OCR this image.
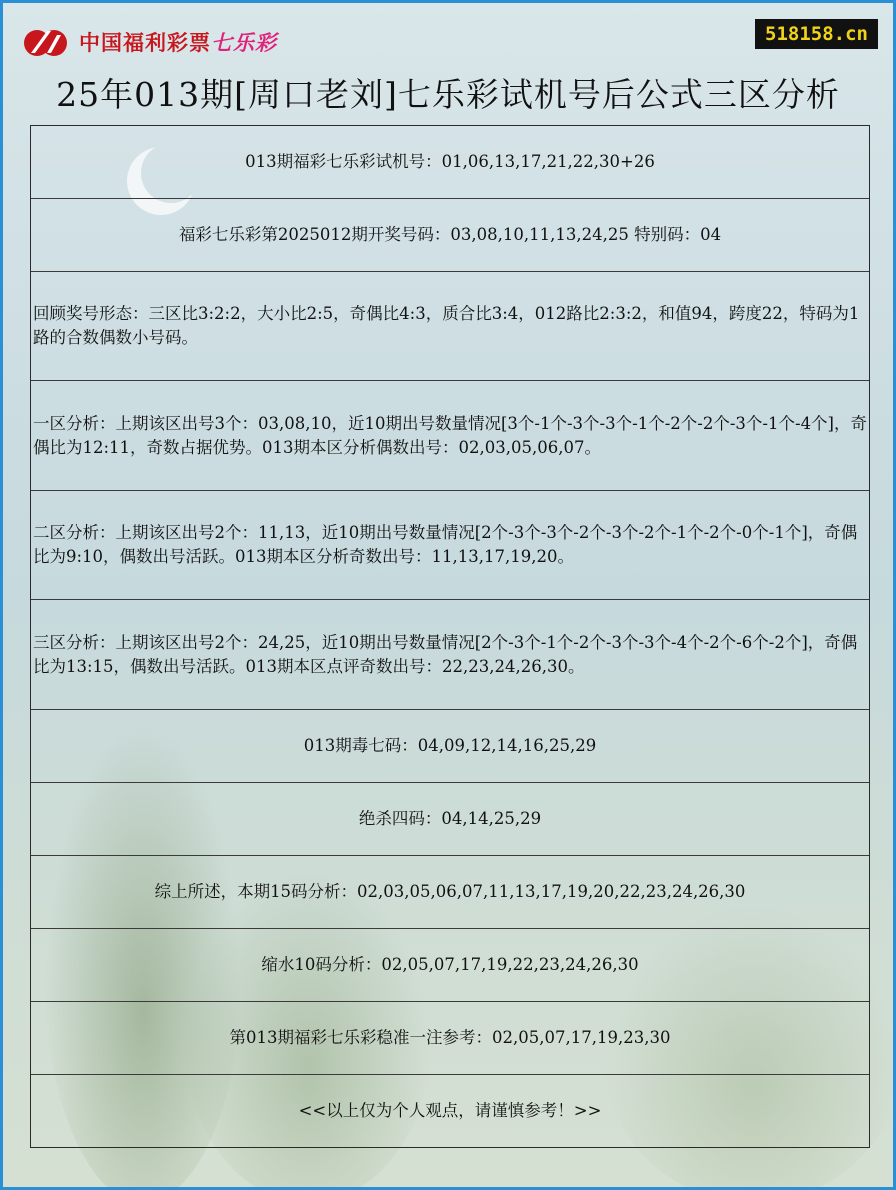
中国福利彩票七乐彩	518158.cn
25年013期[周口老刘]七乐彩试机号后公式三区分析
013期福彩七乐彩试机号：01,06,13,17,21,22,30+26
福彩七乐彩第2025012期开奖号码：03,08,10,11,13,24,25 特别码：04
回顾奖号形态：三区比3:2:2，大小比2:5，奇偶比4:3，质合比3:4，012路比2:3:2，和值94，跨度22，特码为1路的合数偶数小号码。
一区分析：上期该区出号3个：03,08,10，近10期出号数量情况[3个-1个-3个-3个-1个-2个-2个-3个-1个-4个]，奇偶比为12:11，奇数占据优势。013期本区分析偶数出号：02,03,05,06,07。
二区分析：上期该区出号2个：11,13，近10期出号数量情况[2个-3个-3个-2个-3个-2个-1个-2个-0个-1个]，奇偶比为9:10，偶数出号活跃。013期本区分析奇数出号：11,13,17,19,20。
三区分析：上期该区出号2个：24,25，近10期出号数量情况[2个-3个-1个-2个-3个-3个-4个-2个-6个-2个]，奇偶比为13:15，偶数出号活跃。013期本区点评奇数出号：22,23,24,26,30。
013期毒七码：04,09,12,14,16,25,29
绝杀四码：04,14,25,29
综上所述，本期15码分析：02,03,05,06,07,11,13,17,19,20,22,23,24,26,30
缩水10码分析：02,05,07,17,19,22,23,24,26,30
第013期福彩七乐彩稳准一注参考：02,05,07,17,19,23,30
<<以上仅为个人观点，请谨慎参考！>>
